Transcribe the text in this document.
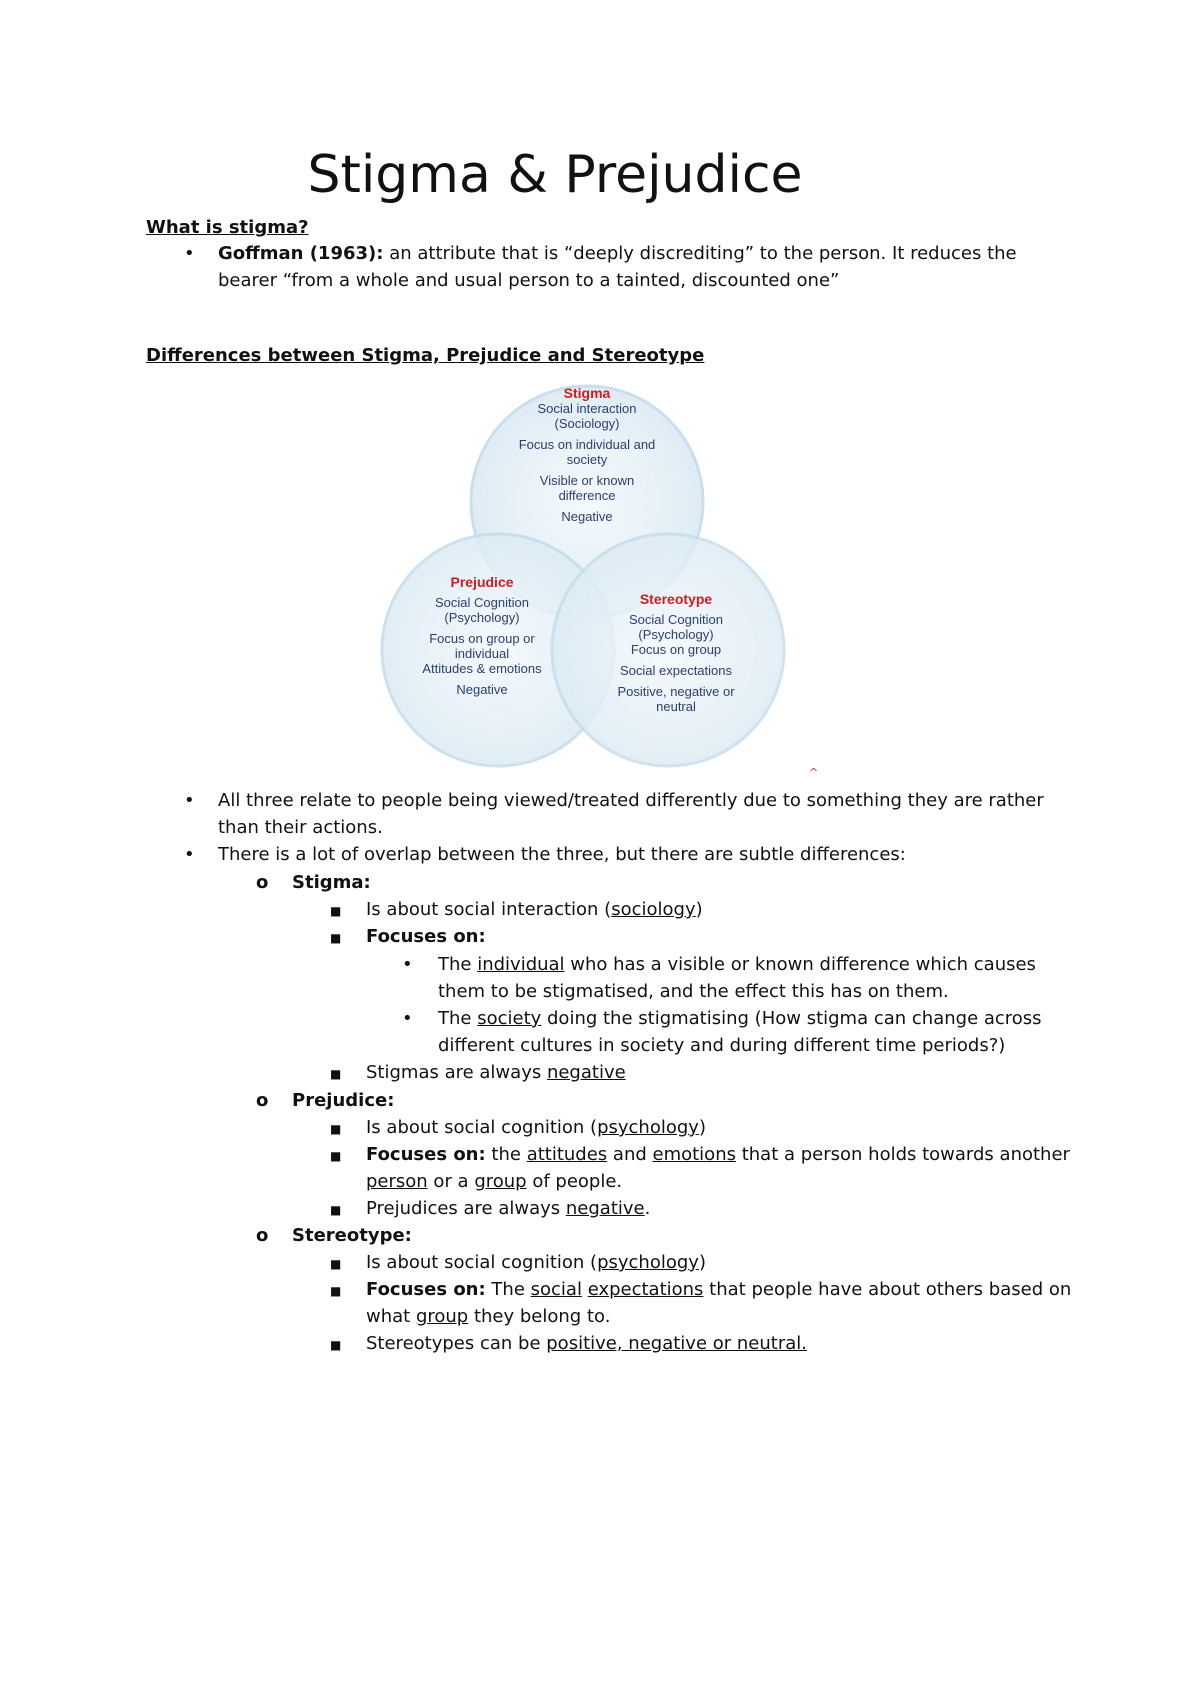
Stigma & Prejudice
What is stigma?
• Goffman (1963): an attribute that is “deeply discrediting” to the person. It reduces the
bearer “from a whole and usual person to a tainted, discounted one”
Differences between Stigma, Prejudice and Stereotype
Stigma
Social interaction
(Sociology)
Focus on individual and
society
Visible or known
difference
Negative
Prejudice
Social Cognition
(Psychology)
Focus on group or
individual
Attitudes & emotions
Negative
Stereotype
Social Cognition
(Psychology)
Focus on group
Social expectations
Positive, negative or
neutral
^
• All three relate to people being viewed/treated differently due to something they are rather
than their actions.
• There is a lot of overlap between the three, but there are subtle differences:
o Stigma:
■ Is about social interaction (sociology)
■ Focuses on:
• The individual who has a visible or known difference which causes
them to be stigmatised, and the effect this has on them.
• The society doing the stigmatising (How stigma can change across
different cultures in society and during different time periods?)
■ Stigmas are always negative
o Prejudice:
■ Is about social cognition (psychology)
■ Focuses on: the attitudes and emotions that a person holds towards another
person or a group of people.
■ Prejudices are always negative.
o Stereotype:
■ Is about social cognition (psychology)
■ Focuses on: The social expectations that people have about others based on
what group they belong to.
■ Stereotypes can be positive, negative or neutral.
